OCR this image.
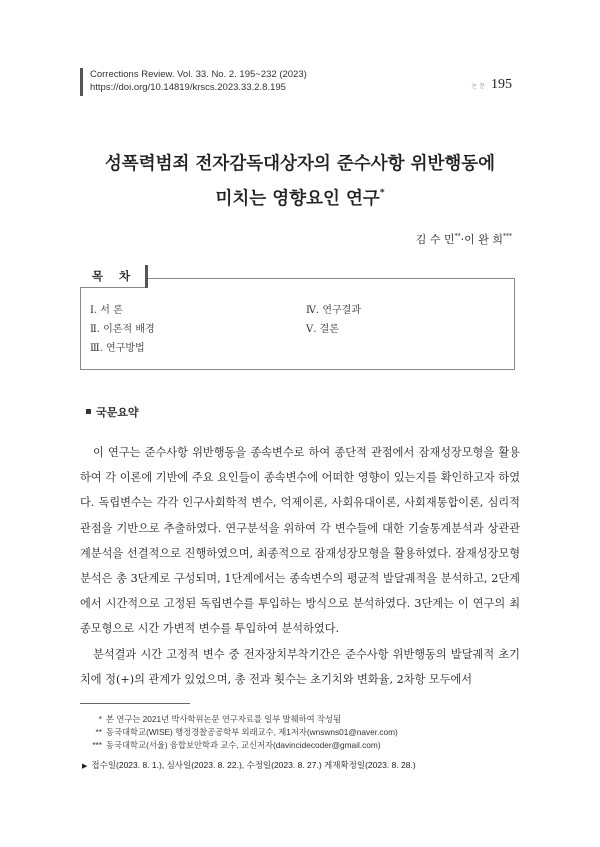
Corrections Review. Vol. 33. No. 2. 195~232 (2023)
https://doi.org/10.14819/krscs.2023.33.2.8.195	논 문 195
성폭력범죄 전자감독대상자의 준수사항 위반행동에
미치는 영향요인 연구*
김 수 민**·이 완 희***
목 차
Ⅰ. 서 론
Ⅱ. 이론적 배경
Ⅲ. 연구방법
Ⅳ. 연구결과
Ⅴ. 결론
국문요약

이 연구는 준수사항 위반행동을 종속변수로 하여 종단적 관점에서 잠재성장모형을 활용하여 각 이론에 기반에 주요 요인들이 종속변수에 어떠한 영향이 있는지를 확인하고자 하였다. 독립변수는 각각 인구사회학적 변수, 억제이론, 사회유대이론, 사회재통합이론, 심리적 관점을 기반으로 추출하였다. 연구분석을 위하여 각 변수들에 대한 기술통계분석과 상관관계분석을 선결적으로 진행하였으며, 최종적으로 잠재성장모형을 활용하였다. 잠재성장모형분석은 총 3단계로 구성되며, 1단계에서는 종속변수의 평균적 발달궤적을 분석하고, 2단계에서 시간적으로 고정된 독립변수를 투입하는 방식으로 분석하였다. 3단계는 이 연구의 최종모형으로 시간 가변적 변수를 투입하여 분석하였다.

분석결과 시간 고정적 변수 중 전자장치부착기간은 준수사항 위반행동의 발달궤적 초기치에 정(+)의 관계가 있었으며, 총 전과 횟수는 초기치와 변화율, 2차항 모두에서

* 본 연구는 2021년 박사학위논문 연구자료를 일부 발췌하여 작성됨
** 동국대학교(WISE) 행정경찰공공학부 외래교수, 제1저자(wnswns01@naver.com)
*** 동국대학교(서울) 융합보안학과 교수, 교신저자(davincidecoder@gmail.com)
▶ 접수일(2023. 8. 1.), 심사일(2023. 8. 22.), 수정일(2023. 8. 27.) 게재확정일(2023. 8. 28.)
